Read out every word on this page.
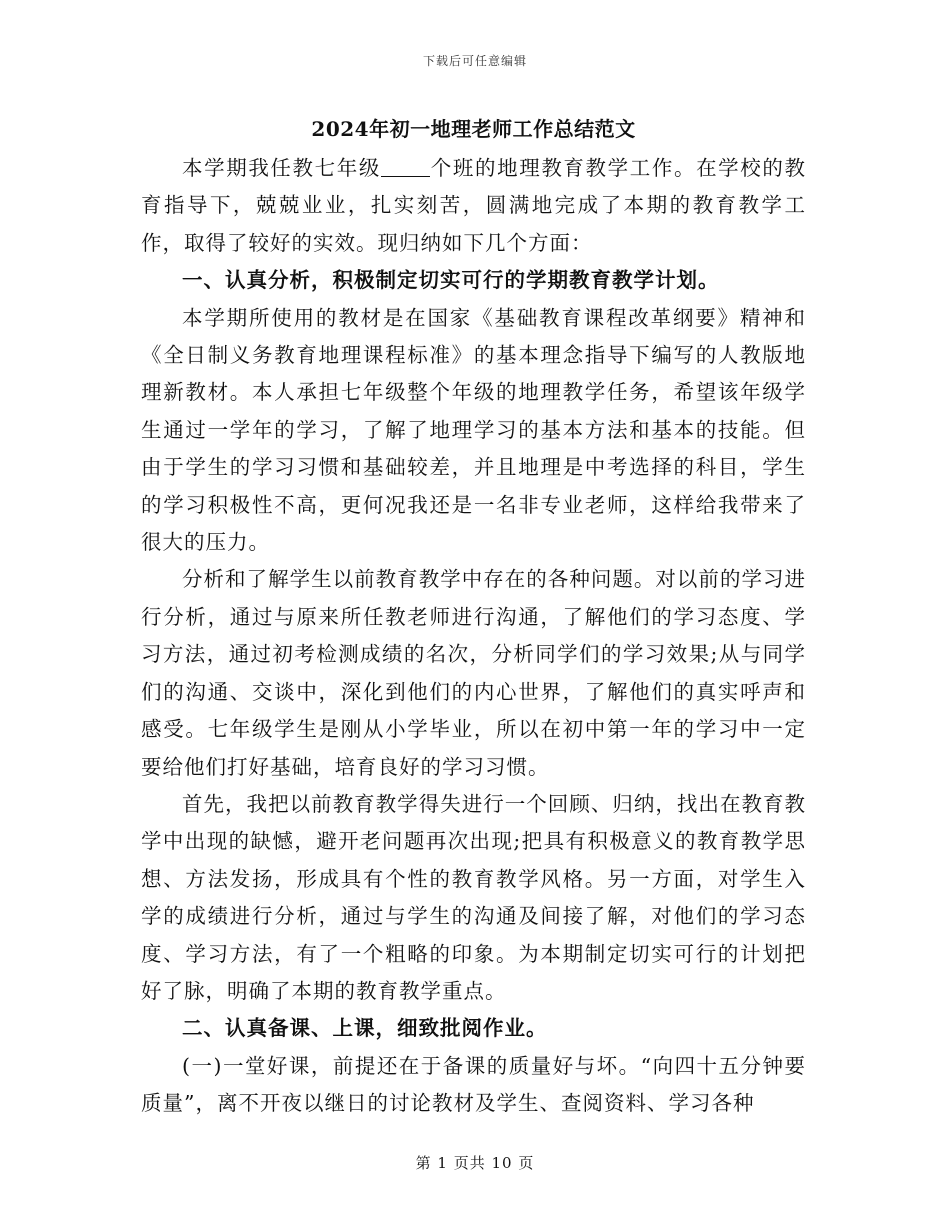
下载后可任意编辑
2024年初一地理老师工作总结范文

本学期我任教七年级 个班的地理教育教学工作。在学校的教育指导下，兢兢业业，扎实刻苦，圆满地完成了本期的教育教学工作，取得了较好的实效。现归纳如下几个方面：

一、认真分析，积极制定切实可行的学期教育教学计划。

本学期所使用的教材是在国家《基础教育课程改革纲要》精神和《全日制义务教育地理课程标准》的基本理念指导下编写的人教版地理新教材。本人承担七年级整个年级的地理教学任务，希望该年级学生通过一学年的学习，了解了地理学习的基本方法和基本的技能。但由于学生的学习习惯和基础较差，并且地理是中考选择的科目，学生的学习积极性不高，更何况我还是一名非专业老师，这样给我带来了很大的压力。

分析和了解学生以前教育教学中存在的各种问题。对以前的学习进行分析，通过与原来所任教老师进行沟通，了解他们的学习态度、学习方法，通过初考检测成绩的名次，分析同学们的学习效果;从与同学们的沟通、交谈中，深化到他们的内心世界，了解他们的真实呼声和感受。七年级学生是刚从小学毕业，所以在初中第一年的学习中一定要给他们打好基础，培育良好的学习习惯。

首先，我把以前教育教学得失进行一个回顾、归纳，找出在教育教学中出现的缺憾，避开老问题再次出现;把具有积极意义的教育教学思想、方法发扬，形成具有个性的教育教学风格。另一方面，对学生入学的成绩进行分析，通过与学生的沟通及间接了解，对他们的学习态度、学习方法，有了一个粗略的印象。为本期制定切实可行的计划把好了脉，明确了本期的教育教学重点。

二、认真备课、上课，细致批阅作业。

(一)一堂好课，前提还在于备课的质量好与坏。“向四十五分钟要质量”，离不开夜以继日的讨论教材及学生、查阅资料、学习各种

第 1 页共 10 页
